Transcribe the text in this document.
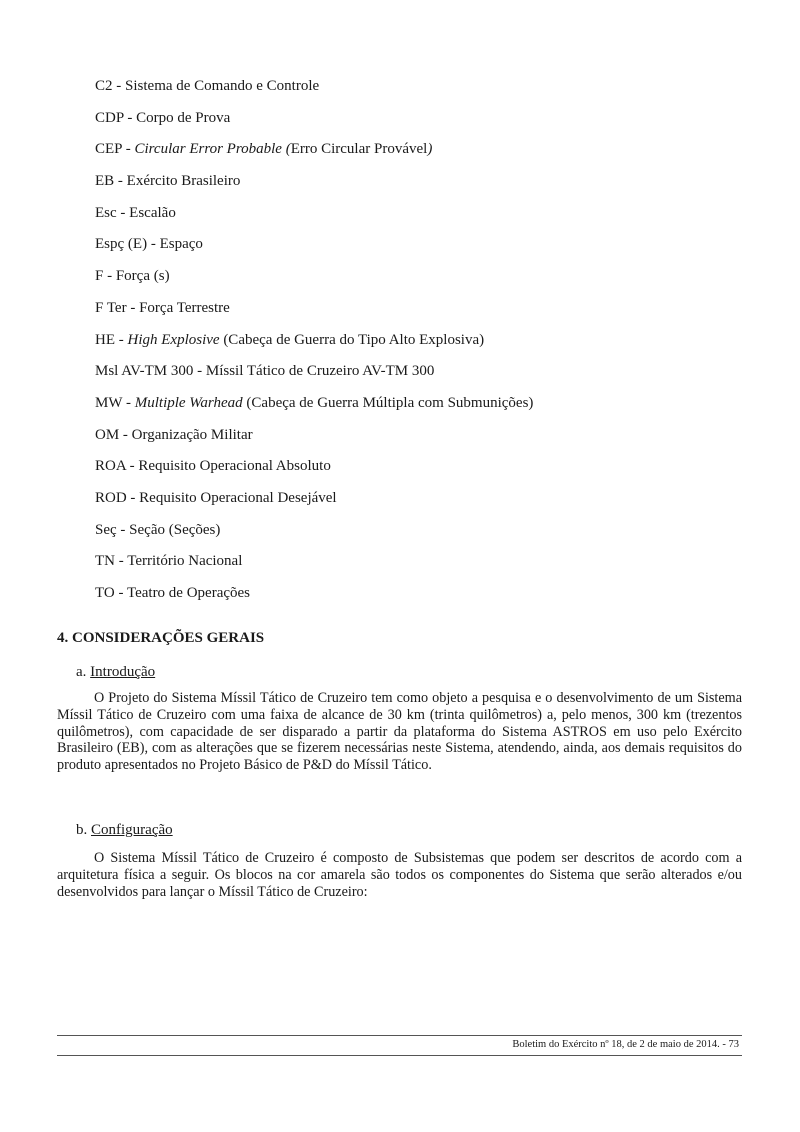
C2 - Sistema de Comando e Controle
CDP - Corpo de Prova
CEP - Circular Error Probable (Erro Circular Provável)
EB - Exército Brasileiro
Esc - Escalão
Espç (E) - Espaço
F - Força (s)
F Ter - Força Terrestre
HE - High Explosive (Cabeça de Guerra do Tipo Alto Explosiva)
Msl AV-TM 300 - Míssil Tático de Cruzeiro AV-TM 300
MW - Multiple Warhead (Cabeça de Guerra Múltipla com Submunições)
OM - Organização Militar
ROA - Requisito Operacional Absoluto
ROD - Requisito Operacional Desejável
Seç - Seção (Seções)
TN - Território Nacional
TO - Teatro de Operações
4. CONSIDERAÇÕES GERAIS

a. Introdução

O Projeto do Sistema Míssil Tático de Cruzeiro tem como objeto a pesquisa e o desenvolvimento de um Sistema Míssil Tático de Cruzeiro com uma faixa de alcance de 30 km (trinta quilômetros) a, pelo menos, 300 km (trezentos quilômetros), com capacidade de ser disparado a partir da plataforma do Sistema ASTROS em uso pelo Exército Brasileiro (EB), com as alterações que se fizerem necessárias neste Sistema, atendendo, ainda, aos demais requisitos do produto apresentados no Projeto Básico de P&D do Míssil Tático.

b. Configuração

O Sistema Míssil Tático de Cruzeiro é composto de Subsistemas que podem ser descritos de acordo com a arquitetura física a seguir. Os blocos na cor amarela são todos os componentes do Sistema que serão alterados e/ou desenvolvidos para lançar o Míssil Tático de Cruzeiro:

Boletim do Exército nº 18, de 2 de maio de 2014. - 73
